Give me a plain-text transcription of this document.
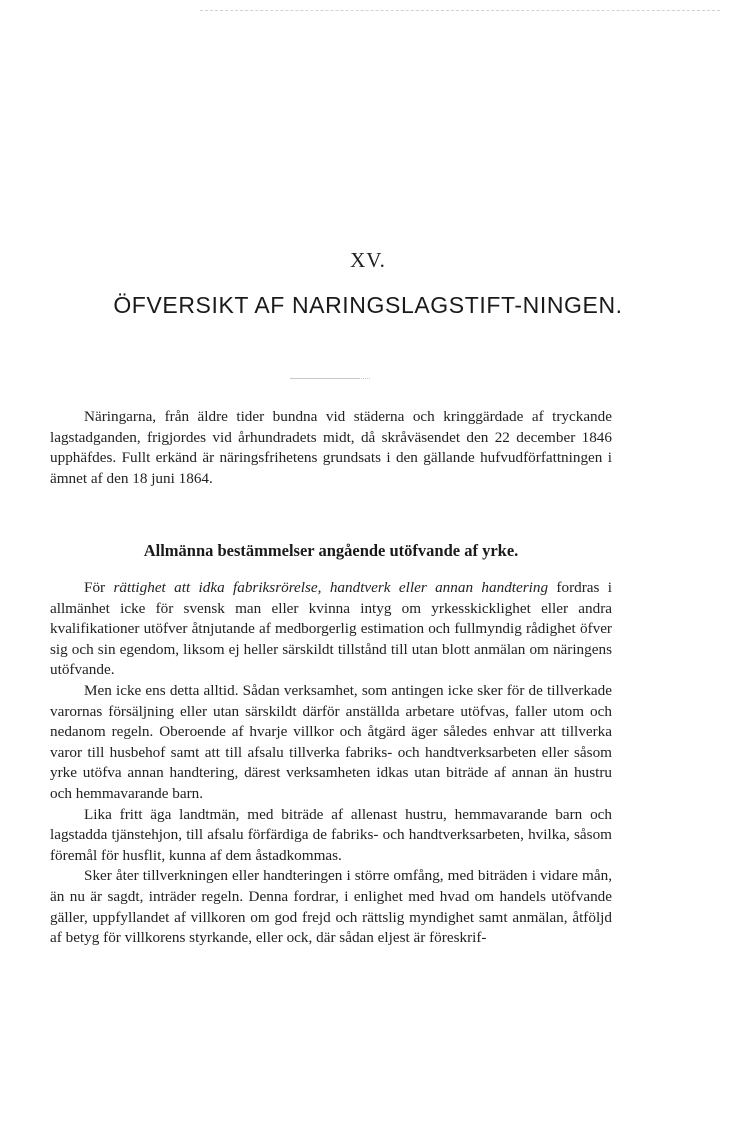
XV.
ÖFVERSIKT AF NARINGSLAGSTIFT-NINGEN.

Näringarna, från äldre tider bundna vid städerna och kringgärdade af tryckande lagstadganden, frigjordes vid århundradets midt, då skråväsendet den 22 december 1846 upphäfdes. Fullt erkänd är näringsfrihetens grundsats i den gällande hufvudförfattningen i ämnet af den 18 juni 1864.

Allmänna bestämmelser angående utöfvande af yrke.

För rättighet att idka fabriksrörelse, handtverk eller annan handtering fordras i allmänhet icke för svensk man eller kvinna intyg om yrkesskicklighet eller andra kvalifikationer utöfver åtnjutande af medborgerlig estimation och fullmyndig rådighet öfver sig och sin egendom, liksom ej heller särskildt tillstånd till utan blott anmälan om näringens utöfvande.

Men icke ens detta alltid. Sådan verksamhet, som antingen icke sker för de tillverkade varornas försäljning eller utan särskildt därför anställda arbetare utöfvas, faller utom och nedanom regeln. Oberoende af hvarje villkor och åtgärd äger således enhvar att tillverka varor till husbehof samt att till afsalu tillverka fabriks- och handtverksarbeten eller såsom yrke utöfva annan handtering, därest verksamheten idkas utan biträde af annan än hustru och hemmavarande barn.

Lika fritt äga landtmän, med biträde af allenast hustru, hemmavarande barn och lagstadda tjänstehjon, till afsalu förfärdiga de fabriks- och handtverksarbeten, hvilka, såsom föremål för husflit, kunna af dem åstadkommas.

Sker åter tillverkningen eller handteringen i större omfång, med biträden i vidare mån, än nu är sagdt, inträder regeln. Denna fordrar, i enlighet med hvad om handels utöfvande gäller, uppfyllandet af villkoren om god frejd och rättslig myndighet samt anmälan, åtföljd af betyg för villkorens styrkande, eller ock, där sådan eljest är föreskrif-
